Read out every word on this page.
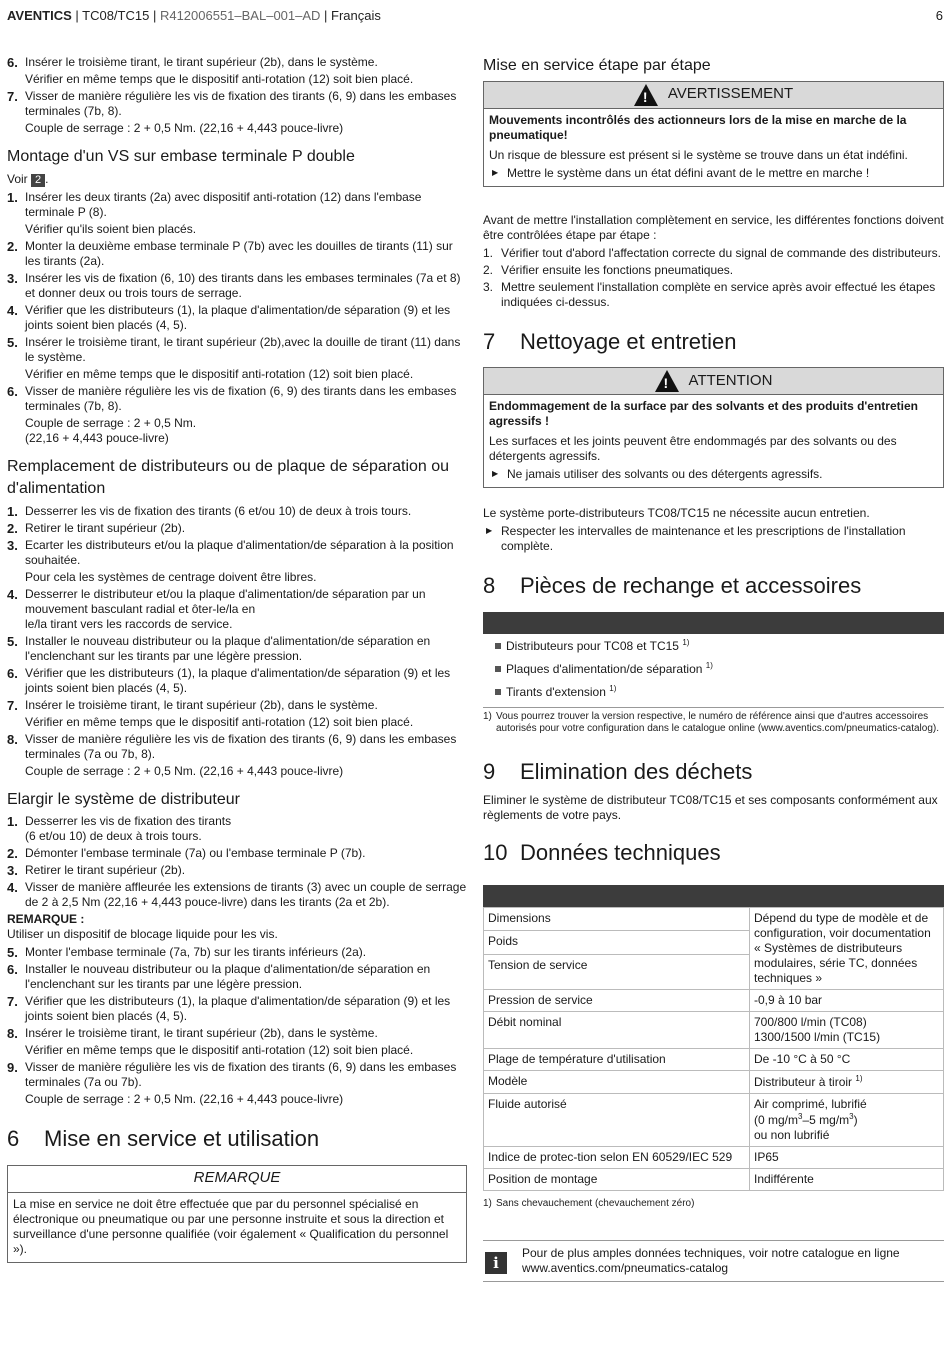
AVENTICS | TC08/TC15 | R412006551–BAL–001–AD | Français	6
6. Insérer le troisième tirant, le tirant supérieur (2b), dans le système.
Vérifier en même temps que le dispositif anti-rotation (12) soit bien placé.
7. Visser de manière régulière les vis de fixation des tirants (6, 9) dans les embases terminales (7b, 8).
Couple de serrage : 2 + 0,5 Nm. (22,16 + 4,443 pouce-livre)
Montage d'un VS sur embase terminale P double

Voir 2 .

1. Insérer les deux tirants (2a) avec dispositif anti-rotation (12) dans l'embase terminale P (8).
Vérifier qu'ils soient bien placés.
2. Monter la deuxième embase terminale P (7b) avec les douilles de tirants (11) sur les tirants (2a).
3. Insérer les vis de fixation (6, 10) des tirants dans les embases terminales (7a et 8) et donner deux ou trois tours de serrage.
4. Vérifier que les distributeurs (1), la plaque d'alimentation/de séparation (9) et les joints soient bien placés (4, 5).
5. Insérer le troisième tirant, le tirant supérieur (2b),avec la douille de tirant (11) dans le système.
Vérifier en même temps que le dispositif anti-rotation (12) soit bien placé.
6. Visser de manière régulière les vis de fixation (6, 9) des tirants dans les embases terminales (7b, 8).
Couple de serrage : 2 + 0,5 Nm.
(22,16 + 4,443 pouce-livre)
Remplacement de distributeurs ou de plaque de séparation ou d'alimentation
1. Desserrer les vis de fixation des tirants (6 et/ou 10) de deux à trois tours.
2. Retirer le tirant supérieur (2b).
3. Ecarter les distributeurs et/ou la plaque d'alimentation/de séparation à la position souhaitée.
Pour cela les systèmes de centrage doivent être libres.
4. Desserrer le distributeur et/ou la plaque d'alimentation/de séparation par un mouvement basculant radial et ôter-le/la en
le/la tirant vers les raccords de service.
5. Installer le nouveau distributeur ou la plaque d'alimentation/de séparation en l'enclenchant sur les tirants par une légère pression.
6. Vérifier que les distributeurs (1), la plaque d'alimentation/de séparation (9) et les joints soient bien placés (4, 5).
7. Insérer le troisième tirant, le tirant supérieur (2b), dans le système.
Vérifier en même temps que le dispositif anti-rotation (12) soit bien placé.
8. Visser de manière régulière les vis de fixation des tirants (6, 9) dans les embases terminales (7a ou 7b, 8).
Couple de serrage : 2 + 0,5 Nm. (22,16 + 4,443 pouce-livre)
Elargir le système de distributeur
1. Desserrer les vis de fixation des tirants
(6 et/ou 10) de deux à trois tours.
2. Démonter l'embase terminale (7a) ou l'embase terminale P (7b).
3. Retirer le tirant supérieur (2b).
4. Visser de manière affleurée les extensions de tirants (3) avec un couple de serrage de 2 à 2,5 Nm (22,16 + 4,443 pouce-livre) dans les tirants (2a et 2b).
REMARQUE :

Utiliser un dispositif de blocage liquide pour les vis.

5. Monter l'embase terminale (7a, 7b) sur les tirants inférieurs (2a).
6. Installer le nouveau distributeur ou la plaque d'alimentation/de séparation en l'enclenchant sur les tirants par une légère pression.
7. Vérifier que les distributeurs (1), la plaque d'alimentation/de séparation (9) et les joints soient bien placés (4, 5).
8. Insérer le troisième tirant, le tirant supérieur (2b), dans le système.
Vérifier en même temps que le dispositif anti-rotation (12) soit bien placé.
9. Visser de manière régulière les vis de fixation des tirants (6, 9) dans les embases terminales (7a ou 7b).
Couple de serrage : 2 + 0,5 Nm. (22,16 + 4,443 pouce-livre)
6 Mise en service et utilisation
REMARQUE
La mise en service ne doit être effectuée que par du personnel spécialisé en électronique ou pneumatique ou par une personne instruite et sous la direction et surveillance d'une personne qualifiée (voir également « Qualification du personnel »).
Mise en service étape par étape
! AVERTISSEMENT
Mouvements incontrôlés des actionneurs lors de la mise en marche de la pneumatique!

Un risque de blessure est présent si le système se trouve dans un état indéfini.

▶ Mettre le système dans un état défini avant de le mettre en marche !

Avant de mettre l'installation complètement en service, les différentes fonctions doivent être contrôlées étape par étape :

1. Vérifier tout d'abord l'affectation correcte du signal de commande des distributeurs.
2. Vérifier ensuite les fonctions pneumatiques.
3. Mettre seulement l'installation complète en service après avoir effectué les étapes indiquées ci-dessus.
7 Nettoyage et entretien
! ATTENTION
Endommagement de la surface par des solvants et des produits d'entretien agressifs !

Les surfaces et les joints peuvent être endommagés par des solvants ou des détergents agressifs.

▶ Ne jamais utiliser des solvants ou des détergents agressifs.

Le système porte-distributeurs TC08/TC15 ne nécessite aucun entretien.

▶ Respecter les intervalles de maintenance et les prescriptions de l'installation complète.
8 Pièces de rechange et accessoires
Distributeurs pour TC08 et TC15 $^{1)}$
Plaques d'alimentation/de séparation $^{1)}$
Tirants d'extension $^{1)}$
1) Vous pourrez trouver la version respective, le numéro de référence ainsi que d'autres accessoires autorisés pour votre configuration dans le catalogue online (www.aventics.com/pneumatics-catalog).
9 Elimination des déchets

Eliminer le système de distributeur TC08/TC15 et ses composants conformément aux règlements de votre pays.

10 Données techniques
Dimensions	Dépend du type de modèle et de configuration, voir documentation « Systèmes de distributeurs modulaires, série TC, données techniques »
Poids	
Tension de service	
Pression de service	-0,9 à 10 bar
Débit nominal	700/800 l/min (TC08)
1300/1500 l/min (TC15)
Plage de température d'utilisation	De -10 °C à 50 °C
Modèle	Distributeur à tiroir $^{1)}$
Fluide autorisé	Air comprimé, lubrifié
(0 $mg/m^3-5$ $mg/m^3$)
ou non lubrifié
Indice de protec-tion selon EN 60529/IEC 529	IP65
Position de montage	Indifférente
1) Sans chevauchement (chevauchement zéro)
i
Pour de plus amples données techniques, voir notre catalogue en ligne www.aventics.com/pneumatics-catalog
